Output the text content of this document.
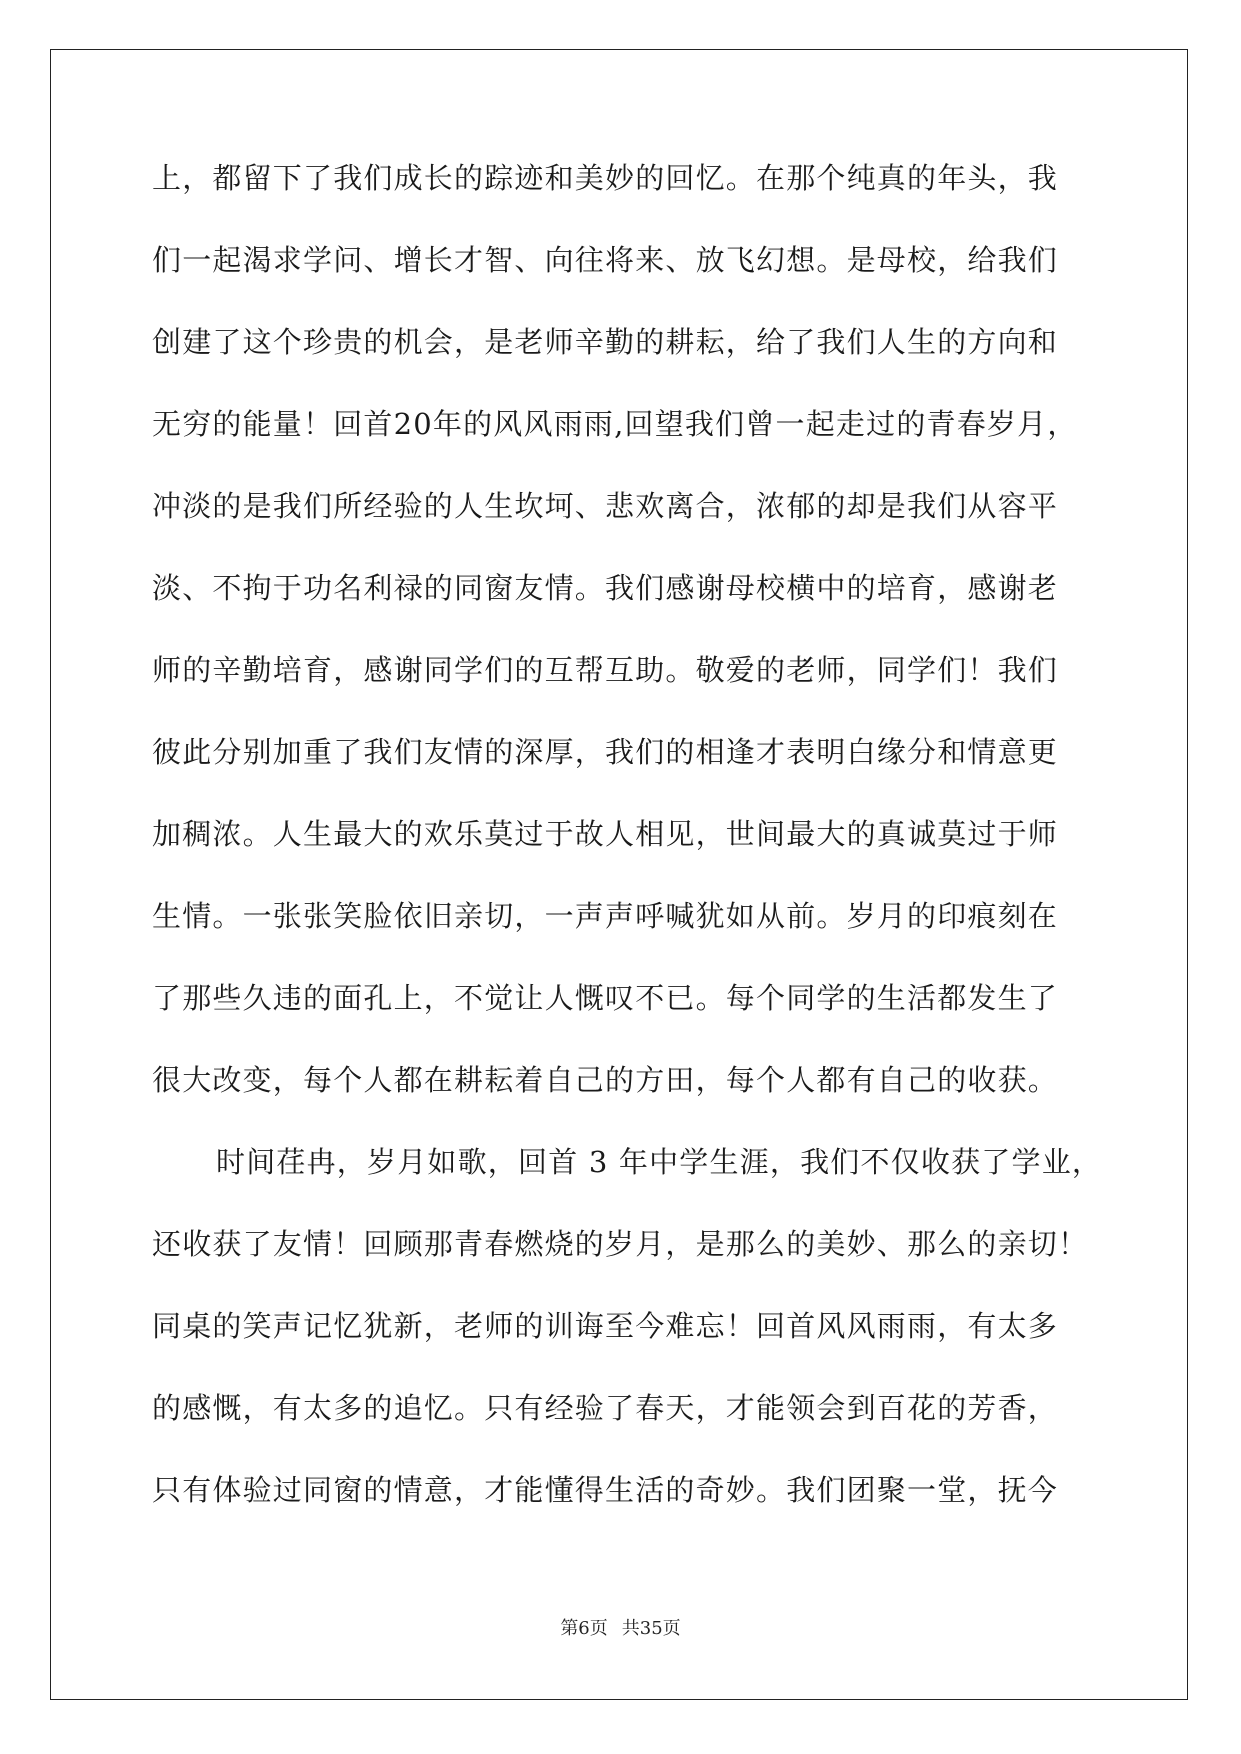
上，都留下了我们成长的踪迹和美妙的回忆。在那个纯真的年头，我

们一起渴求学问、增长才智、向往将来、放飞幻想。是母校，给我们

创建了这个珍贵的机会，是老师辛勤的耕耘，给了我们人生的方向和

无穷的能量！回首20年的风风雨雨,回望我们曾一起走过的青春岁月，

冲淡的是我们所经验的人生坎坷、悲欢离合，浓郁的却是我们从容平

淡、不拘于功名利禄的同窗友情。我们感谢母校横中的培育，感谢老

师的辛勤培育，感谢同学们的互帮互助。敬爱的老师，同学们！我们

彼此分别加重了我们友情的深厚，我们的相逢才表明白缘分和情意更

加稠浓。人生最大的欢乐莫过于故人相见，世间最大的真诚莫过于师

生情。一张张笑脸依旧亲切，一声声呼喊犹如从前。岁月的印痕刻在

了那些久违的面孔上，不觉让人慨叹不已。每个同学的生活都发生了

很大改变，每个人都在耕耘着自己的方田，每个人都有自己的收获。

时间荏冉，岁月如歌，回首 3 年中学生涯，我们不仅收获了学业，

还收获了友情！回顾那青春燃烧的岁月，是那么的美妙、那么的亲切！

同桌的笑声记忆犹新，老师的训诲至今难忘！回首风风雨雨，有太多

的感慨，有太多的追忆。只有经验了春天，才能领会到百花的芳香，

只有体验过同窗的情意，才能懂得生活的奇妙。我们团聚一堂，抚今

第6页 共35页
